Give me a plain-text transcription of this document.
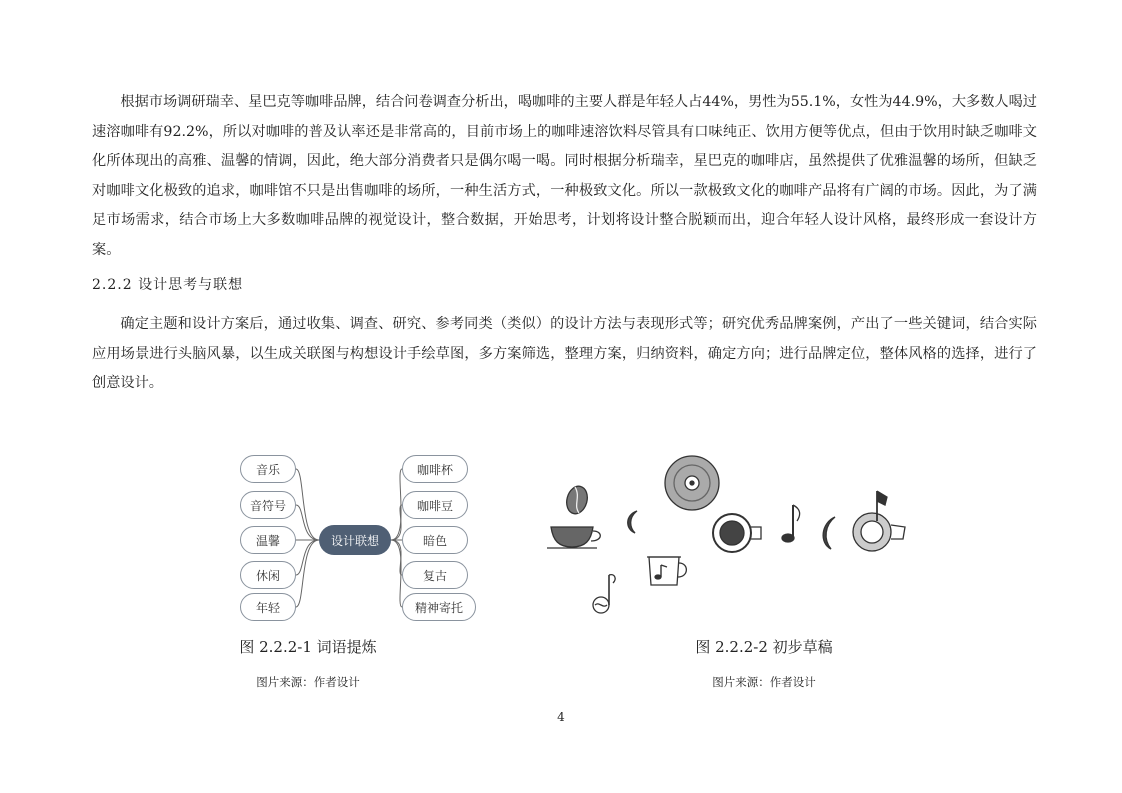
根据市场调研瑞幸、星巴克等咖啡品牌，结合问卷调查分析出，喝咖啡的主要人群是年轻人占44%，男性为55.1%，女性为44.9%，大多数人喝过速溶咖啡有92.2%，所以对咖啡的普及认率还是非常高的，目前市场上的咖啡速溶饮料尽管具有口味纯正、饮用方便等优点，但由于饮用时缺乏咖啡文化所体现出的高雅、温馨的情调，因此，绝大部分消费者只是偶尔喝一喝。同时根据分析瑞幸，星巴克的咖啡店，虽然提供了优雅温馨的场所，但缺乏对咖啡文化极致的追求，咖啡馆不只是出售咖啡的场所，一种生活方式，一种极致文化。所以一款极致文化的咖啡产品将有广阔的市场。因此，为了满足市场需求，结合市场上大多数咖啡品牌的视觉设计，整合数据，开始思考，计划将设计整合脱颖而出，迎合年轻人设计风格，最终形成一套设计方案。

2.2.2 设计思考与联想

确定主题和设计方案后，通过收集、调查、研究、参考同类（类似）的设计方法与表现形式等；研究优秀品牌案例，产出了一些关键词，结合实际应用场景进行头脑风暴，以生成关联图与构想设计手绘草图，多方案筛选，整理方案，归纳资料，确定方向；进行品牌定位，整体风格的选择，进行了创意设计。

音乐
音符号
温馨
休闲
年轻
设计联想
咖啡杯
咖啡豆
暗色
复古
精神寄托
图 2.2.2-1 词语提炼
图片来源：作者设计
图 2.2.2-2 初步草稿
图片来源：作者设计
4
